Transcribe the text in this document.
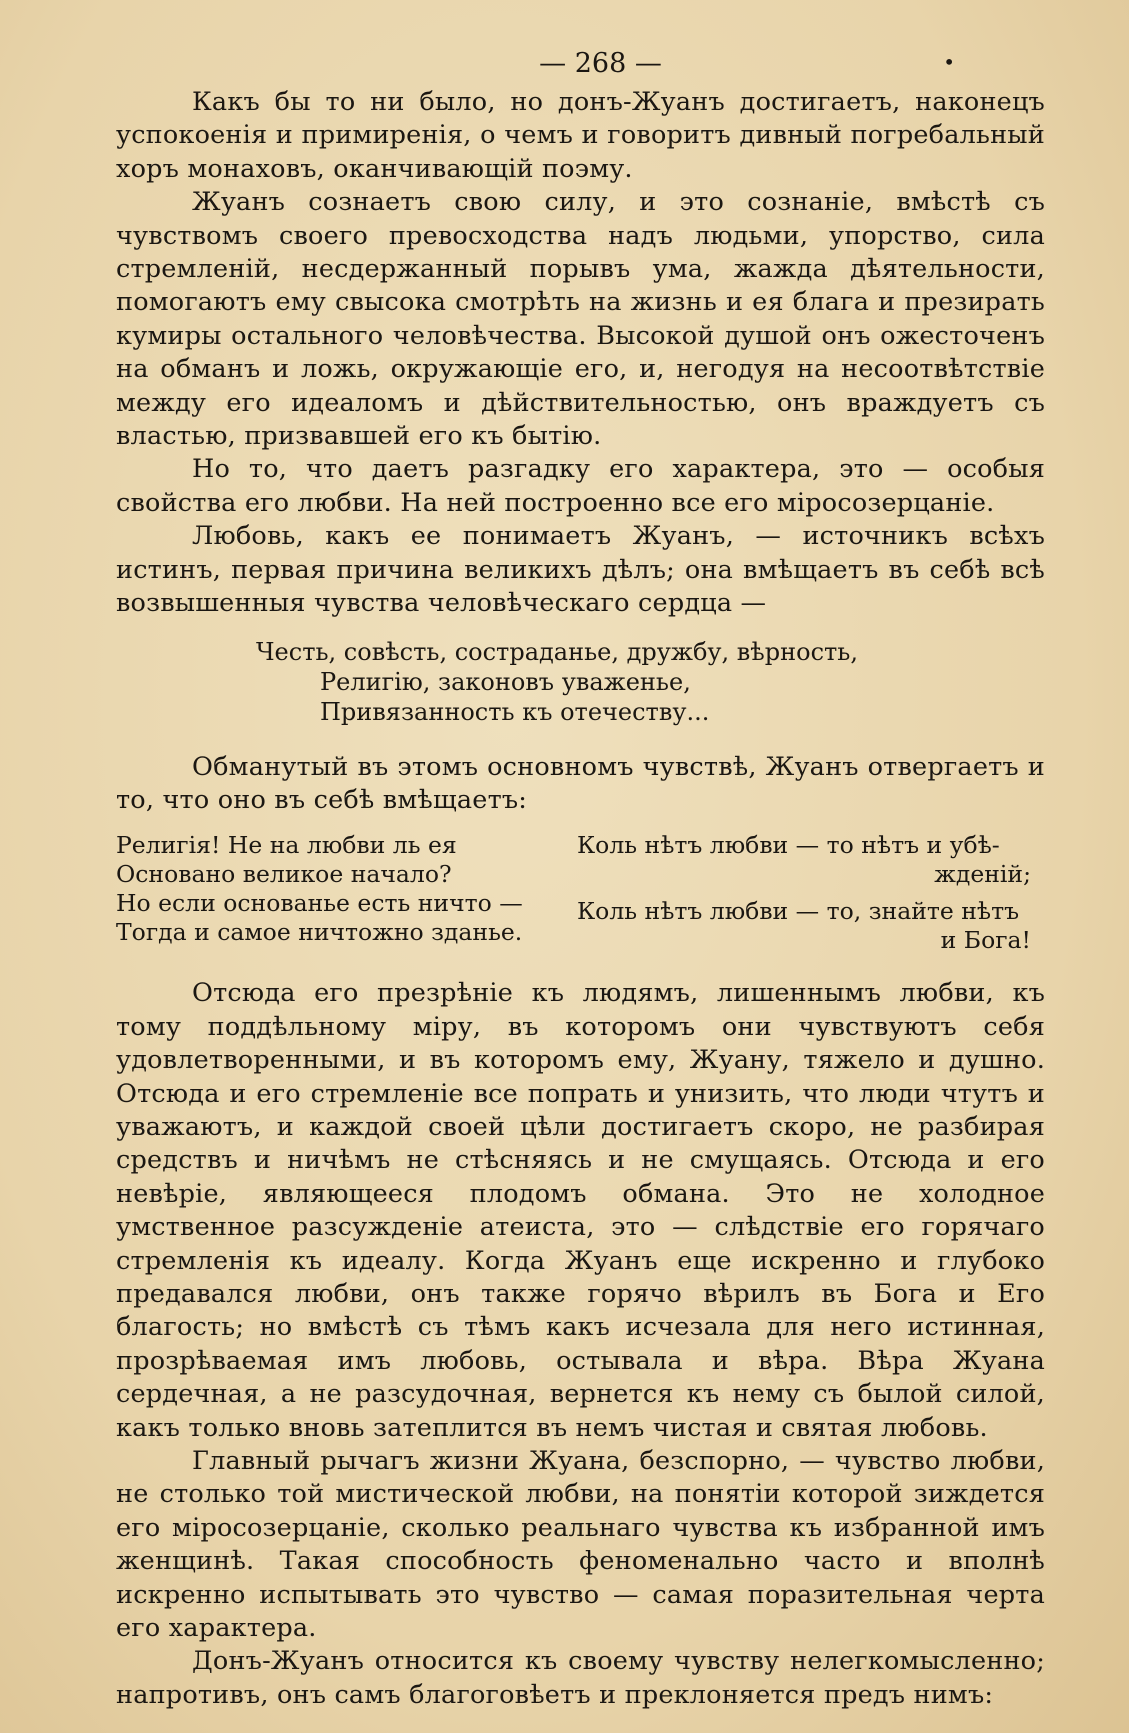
— 268 —	•

Какъ бы то ни было, но донъ-Жуанъ достигаетъ, наконецъ успокоенія и примиренія, о чемъ и говоритъ дивный погребальный хоръ монаховъ, оканчивающій поэму.

Жуанъ сознаетъ свою силу, и это сознаніе, вмѣстѣ съ чувствомъ своего превосходства надъ людьми, упорство, сила стремленій, несдержанный порывъ ума, жажда дѣятельности, помогаютъ ему свысока смотрѣть на жизнь и ея блага и презирать кумиры остального человѣчества. Высокой душой онъ ожесточенъ на обманъ и ложь, окружающіе его, и, негодуя на несоотвѣтствіе между его идеаломъ и дѣйствительностью, онъ враждуетъ съ властью, призвавшей его къ бытію.

Но то, что даетъ разгадку его характера, это — особыя свойства его любви. На ней построенно все его міросозерцаніе.

Любовь, какъ ее понимаетъ Жуанъ, — источникъ всѣхъ истинъ, первая причина великихъ дѣлъ; она вмѣщаетъ въ себѣ всѣ возвышенныя чувства человѣческаго сердца —

Честь, совѣсть, состраданье, дружбу, вѣрность,
Религію, законовъ уваженье,
Привязанность къ отечеству...

Обманутый въ этомъ основномъ чувствѣ, Жуанъ отвергаетъ и то, что оно въ себѣ вмѣщаетъ:

Религія! Не на любви ль ея
Основано великое начало?
Но если основанье есть ничто —
Тогда и самое ничтожно зданье.
Коль нѣтъ любви — то нѣтъ и убѣ-
жденій;
Коль нѣтъ любви — то, знайте нѣтъ
и Бога!

Отсюда его презрѣніе къ людямъ, лишеннымъ любви, къ тому поддѣльному міру, въ которомъ они чувствуютъ себя удовлетворенными, и въ которомъ ему, Жуану, тяжело и душно. Отсюда и его стремленіе все попрать и унизить, что люди чтутъ и уважаютъ, и каждой своей цѣли достигаетъ скоро, не разбирая средствъ и ничѣмъ не стѣсняясь и не смущаясь. Отсюда и его невѣріе, являющееся плодомъ обмана. Это не холодное умственное разсужденіе атеиста, это — слѣдствіе его горячаго стремленія къ идеалу. Когда Жуанъ еще искренно и глубоко предавался любви, онъ также горячо вѣрилъ въ Бога и Его благость; но вмѣстѣ съ тѣмъ какъ исчезала для него истинная, прозрѣваемая имъ любовь, остывала и вѣра. Вѣра Жуана сердечная, а не разсудочная, вернется къ нему съ былой силой, какъ только вновь затеплится въ немъ чистая и святая любовь.

Главный рычагъ жизни Жуана, безспорно, — чувство любви, не столько той мистической любви, на понятіи которой зиждется его міросозерцаніе, сколько реальнаго чувства къ избранной имъ женщинѣ. Такая способность феноменально часто и вполнѣ искренно испытывать это чувство — самая поразительная черта его характера.

Донъ-Жуанъ относится къ своему чувству нелегкомысленно; напротивъ, онъ самъ благоговѣетъ и преклоняется предъ нимъ:
